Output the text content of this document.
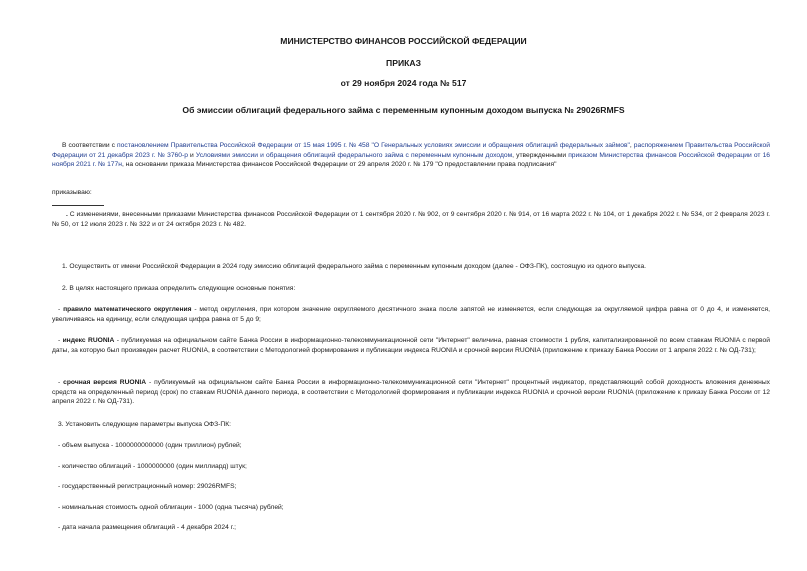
МИНИСТЕРСТВО ФИНАНСОВ РОССИЙСКОЙ ФЕДЕРАЦИИ
ПРИКАЗ
от 29 ноября 2024 года № 517
Об эмиссии облигаций федерального займа с переменным купонным доходом выпуска № 29026RMFS
В соответствии с постановлением Правительства Российской Федерации от 15 мая 1995 г. № 458 "О Генеральных условиях эмиссии и обращения облигаций федеральных займов", распоряжением Правительства Российской Федерации от 21 декабря 2023 г. № 3760-р и Условиями эмиссии и обращения облигаций федерального займа с переменным купонным доходом, утвержденными приказом Министерства финансов Российской Федерации от 16 ноября 2021 г. № 177н, на основании приказа Министерства финансов Российской Федерации от 29 апреля 2020 г. № 179 "О предоставлении права подписания"
приказываю:
. С изменениями, внесенными приказами Министерства финансов Российской Федерации от 1 сентября 2020 г. № 902, от 9 сентября 2020 г. № 914, от 16 марта 2022 г. № 104, от 1 декабря 2022 г. № 534, от 2 февраля 2023 г. № 50, от 12 июля 2023 г. № 322 и от 24 октября 2023 г. № 482.
1. Осуществить от имени Российской Федерации в 2024 году эмиссию облигаций федерального займа с переменным купонным доходом (далее - ОФЗ-ПК), состоящую из одного выпуска.
2. В целях настоящего приказа определить следующие основные понятия:
- правило математического округления - метод округления, при котором значение округляемого десятичного знака после запятой не изменяется, если следующая за округляемой цифра равна от 0 до 4, и изменяется, увеличиваясь на единицу, если следующая цифра равна от 5 до 9;
- индекс RUONIA - публикуемая на официальном сайте Банка России в информационно-телекоммуникационной сети "Интернет" величина, равная стоимости 1 рубля, капитализированной по всем ставкам RUONIA с первой даты, за которую был произведен расчет RUONIA, в соответствии с Методологией формирования и публикации индекса RUONIA и срочной версии RUONIA (приложение к приказу Банка России от 1 апреля 2022 г. № ОД-731);
- срочная версия RUONIA - публикуемый на официальном сайте Банка России в информационно-телекоммуникационной сети "Интернет" процентный индикатор, представляющий собой доходность вложения денежных средств на определенный период (срок) по ставкам RUONIA данного периода, в соответствии с Методологией формирования и публикации индекса RUONIA и срочной версии RUONIA (приложение к приказу Банка России от 12 апреля 2022 г. № ОД-731).
3. Установить следующие параметры выпуска ОФЗ-ПК:
- объем выпуска - 1000000000000 (один триллион) рублей;
- количество облигаций - 1000000000 (один миллиард) штук;
- государственный регистрационный номер: 29026RMFS;
- номинальная стоимость одной облигации - 1000 (одна тысяча) рублей;
- дата начала размещения облигаций - 4 декабря 2024 г.;
